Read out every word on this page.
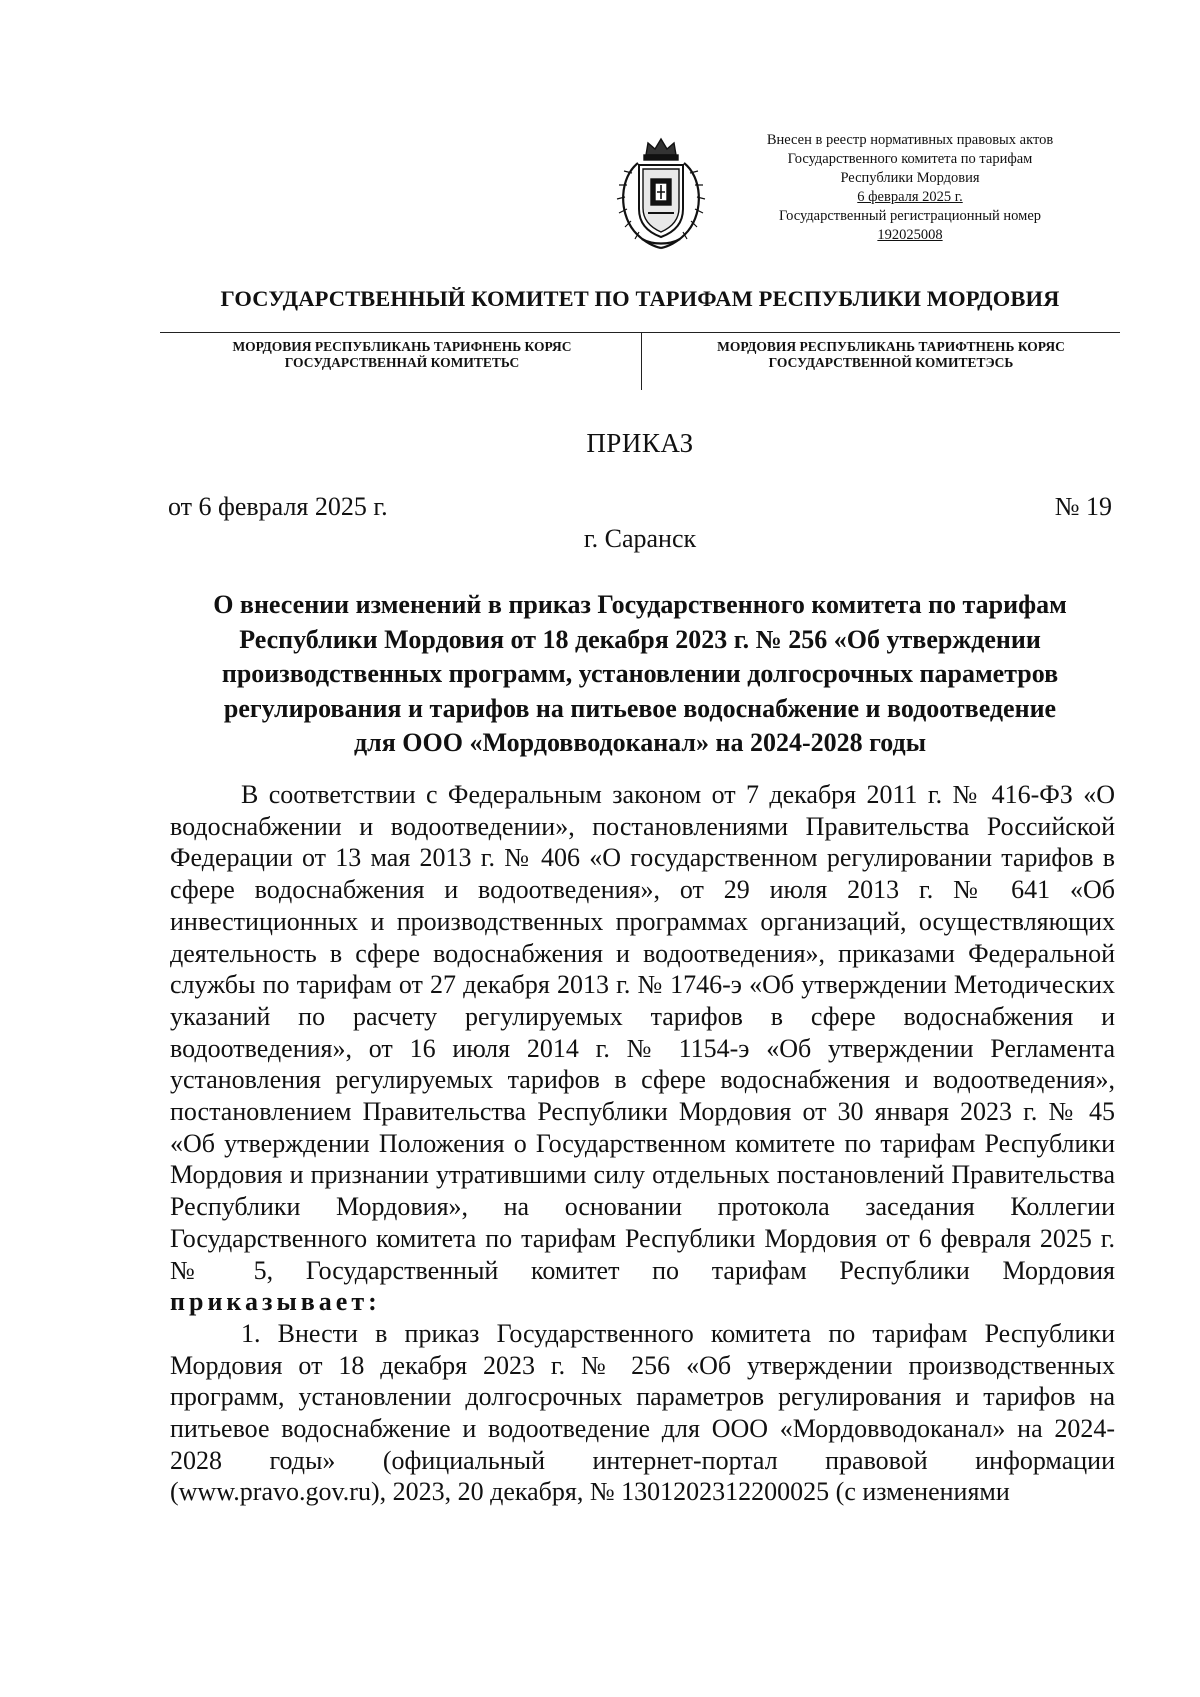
Внесен в реестр нормативных правовых актов
Государственного комитета по тарифам
Республики Мордовия
6 февраля 2025 г.
Государственный регистрационный номер
192025008
ГОСУДАРСТВЕННЫЙ КОМИТЕТ ПО ТАРИФАМ РЕСПУБЛИКИ МОРДОВИЯ
МОРДОВИЯ РЕСПУБЛИКАНЬ ТАРИФНЕНЬ КОРЯС
ГОСУДАРСТВЕННАЙ КОМИТЕТЬС
МОРДОВИЯ РЕСПУБЛИКАНЬ ТАРИФТНЕНЬ КОРЯС
ГОСУДАРСТВЕННОЙ КОМИТЕТЭСЬ
ПРИКАЗ
от 6 февраля 2025 г.	№ 19
г. Саранск
О внесении изменений в приказ Государственного комитета по тарифам
Республики Мордовия от 18 декабря 2023 г. № 256 «Об утверждении
производственных программ, установлении долгосрочных параметров
регулирования и тарифов на питьевое водоснабжение и водоотведение
для ООО «Мордовводоканал» на 2024-2028 годы

В соответствии с Федеральным законом от 7 декабря 2011 г. № 416-ФЗ «О водоснабжении и водоотведении», постановлениями Правительства Российской Федерации от 13 мая 2013 г. № 406 «О государственном регулировании тарифов в сфере водоснабжения и водоотведения», от 29 июля 2013 г. № 641 «Об инвестиционных и производственных программах организаций, осуществляющих деятельность в сфере водоснабжения и водоотведения», приказами Федеральной службы по тарифам от 27 декабря 2013 г. № 1746-э «Об утверждении Методических указаний по расчету регулируемых тарифов в сфере водоснабжения и водоотведения», от 16 июля 2014 г. № 1154-э «Об утверждении Регламента установления регулируемых тарифов в сфере водоснабжения и водоотведения», постановлением Правительства Республики Мордовия от 30 января 2023 г. № 45 «Об утверждении Положения о Государственном комитете по тарифам Республики Мордовия и признании утратившими силу отдельных постановлений Правительства Республики Мордовия», на основании протокола заседания Коллегии Государственного комитета по тарифам Республики Мордовия от 6 февраля 2025 г. № 5, Государственный комитет по тарифам Республики Мордовия приказывает:

1. Внести в приказ Государственного комитета по тарифам Республики Мордовия от 18 декабря 2023 г. № 256 «Об утверждении производственных программ, установлении долгосрочных параметров регулирования и тарифов на питьевое водоснабжение и водоотведение для ООО «Мордовводоканал» на 2024-2028 годы» (официальный интернет-портал правовой информации (www.pravo.gov.ru), 2023, 20 декабря, № 1301202312200025 (с изменениями
